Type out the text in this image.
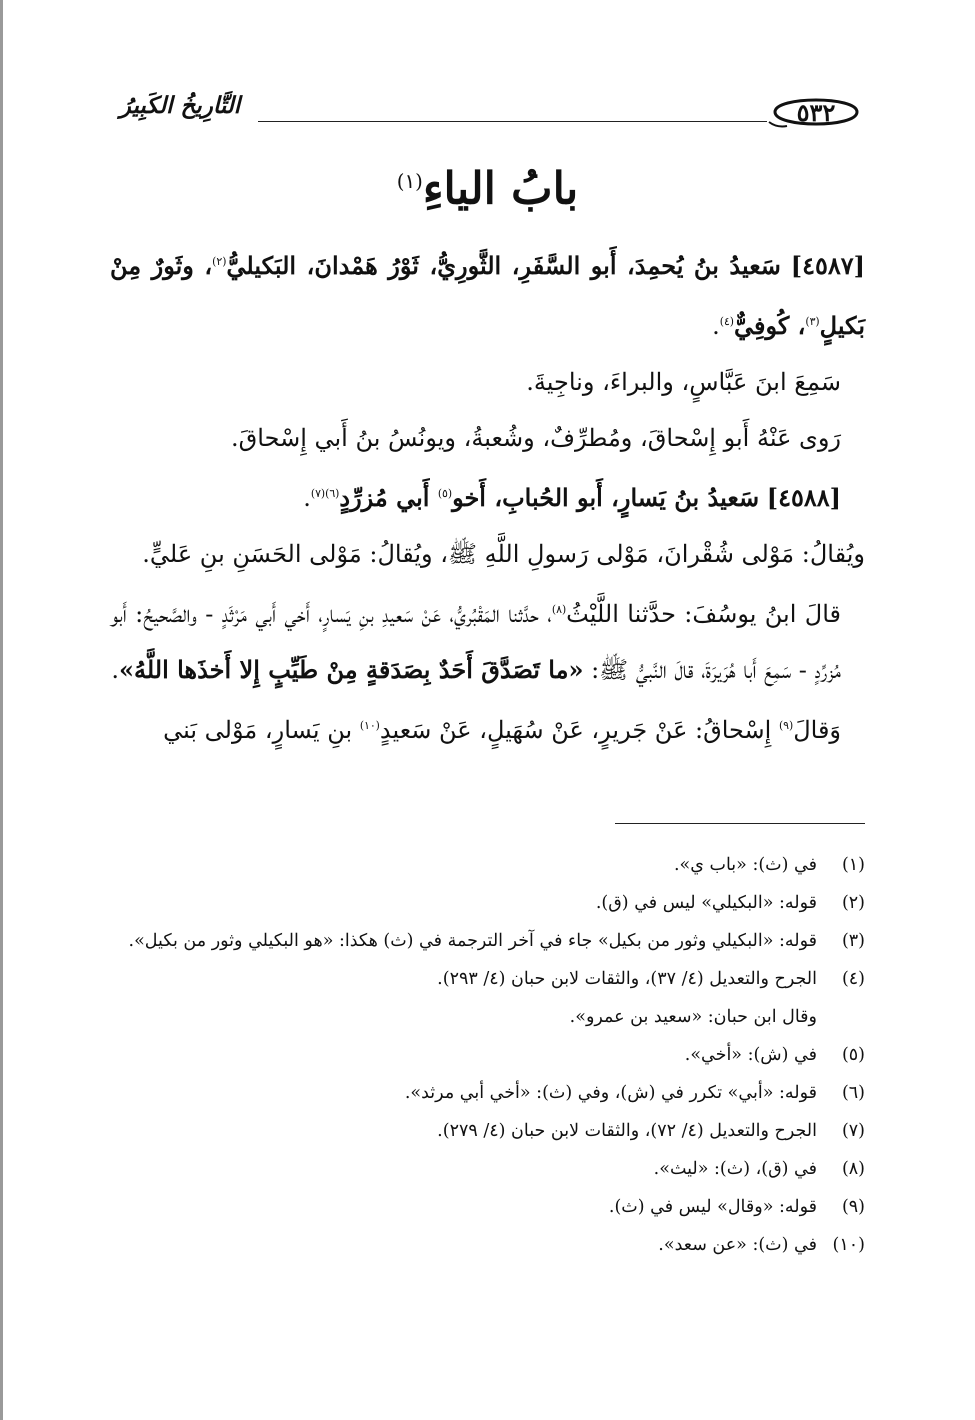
٥٣٢
التَّارِيخُ الكَبِيرُ
بابُ الياءِ$^{(١)}$

[٤٥٨٧] سَعيدُ بنُ يُحمِدَ، أَبو السَّفَرِ، الثَّورِيُّ، ثَوْرُ هَمْدانَ، البَكيليُّ$^{(٢)}$، وثَورٌ مِنْ بَكيلٍ$^{(٣)}$، كُوفِيٌّ$^{(٤)}$.

سَمِعَ ابنَ عَبَّاسٍ، والبراءَ، وناجِيةَ.

رَوى عَنْهُ أَبو إِسْحاقَ، ومُطرِّفٌ، وشُعبةُ، ويونُسُ بنُ أَبي إِسْحاقَ.

[٤٥٨٨] سَعيدُ بنُ يَسارٍ، أَبو الحُبابِ، أَخو$^{(٥)}$ أَبي مُزرِّدٍ$^{(٦)(٧)}$.

ويُقالُ: مَوْلى شُقْرانَ، مَوْلى رَسولِ اللَّهِ ﷺ، ويُقالُ: مَوْلى الحَسَنِ بنِ عَليٍّ.

قالَ ابنُ يوسُفَ: حدَّثنا اللَّيْثُ$^{(٨)}$، حدَّثنا المَقْبُريُّ، عَنْ سَعيدِ بنِ يَسارٍ، أَخي أَبي مَرْثَدٍ - والصَّحيحُ: أَبو مُزرِّدٍ - سَمِعَ أَبا هُرَيرَةَ، قالَ النَّبيُّ ﷺ: «ما تَصَدَّقَ أَحَدٌ بِصَدَقةٍ مِنْ طَيِّبٍ إِلا أَخذَها اللَّهُ».

وَقالَ$^{(٩)}$ إِسْحاقُ: عَنْ جَريرٍ، عَنْ سُهَيلٍ، عَنْ سَعيدٍ$^{(١٠)}$ بنِ يَسارٍ، مَوْلى بَني

(١)
في (ث): «باب ي».
(٢)
قوله: «البكيلي» ليس في (ق).
(٣)
قوله: «البكيلي وثور من بكيل» جاء في آخر الترجمة في (ث) هكذا: «هو البكيلي وثور من بكيل».
(٤)
الجرح والتعديل (٤/ ٣٧)، والثقات لابن حبان (٤/ ٢٩٣).

وقال ابن حبان: «سعيد بن عمرو».

(٥)
في (ش): «أخي».
(٦)
قوله: «أبي» تكرر في (ش)، وفي (ث): «أخي أبي مرثد».
(٧)
الجرح والتعديل (٤/ ٧٢)، والثقات لابن حبان (٤/ ٢٧٩).
(٨)
في (ق)، (ث): «ليث».
(٩)
قوله: «وقال» ليس في (ث).
(١٠)
في (ث): «عن سعد».
